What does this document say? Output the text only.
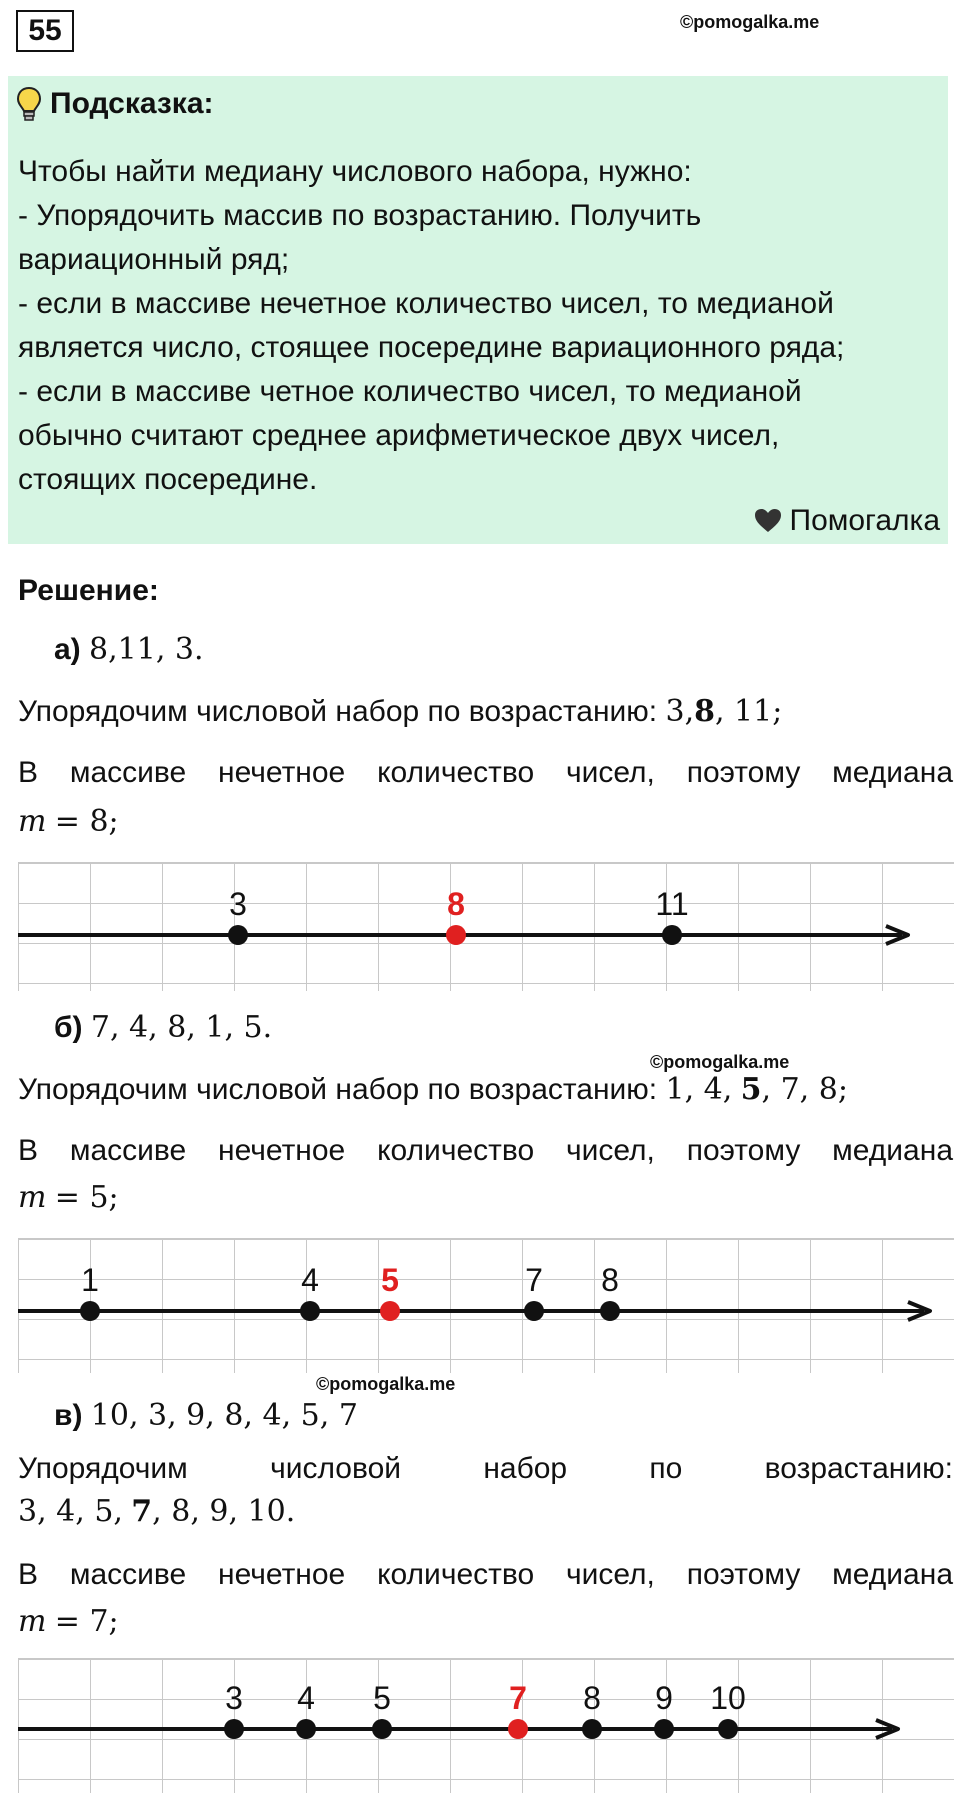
55	©pomogalka.me
Подсказка:
Чтобы найти медиану числового набора, нужно:
- Упорядочить массив по возрастанию. Получить
вариационный ряд;
- если в массиве нечетное количество чисел, то медианой
является число, стоящее посередине вариационного ряда;
- если в массиве четное количество чисел, то медианой
обычно считают среднее арифметическое двух чисел,
стоящих посередине.
Помогалка
Решение:
а) 8,11, 3.
Упорядочим числовой набор по возрастанию: 3,8, 11;
В массиве нечетное количество чисел, поэтому медиана
m = 8;
3	8	11
б) 7, 4, 8, 1, 5.
©pomogalka.me
Упорядочим числовой набор по возрастанию: 1, 4, 5, 7, 8;
В массиве нечетное количество чисел, поэтому медиана
m = 5;
1	4 5	7 8
©pomogalka.me
в) 10, 3, 9, 8, 4, 5, 7
Упорядочим	числовой	набор	по	возрастанию:
3, 4, 5, 7, 8, 9, 10.
В массиве нечетное количество чисел, поэтому медиана
m = 7;
3 4 5	7 8 9 10
